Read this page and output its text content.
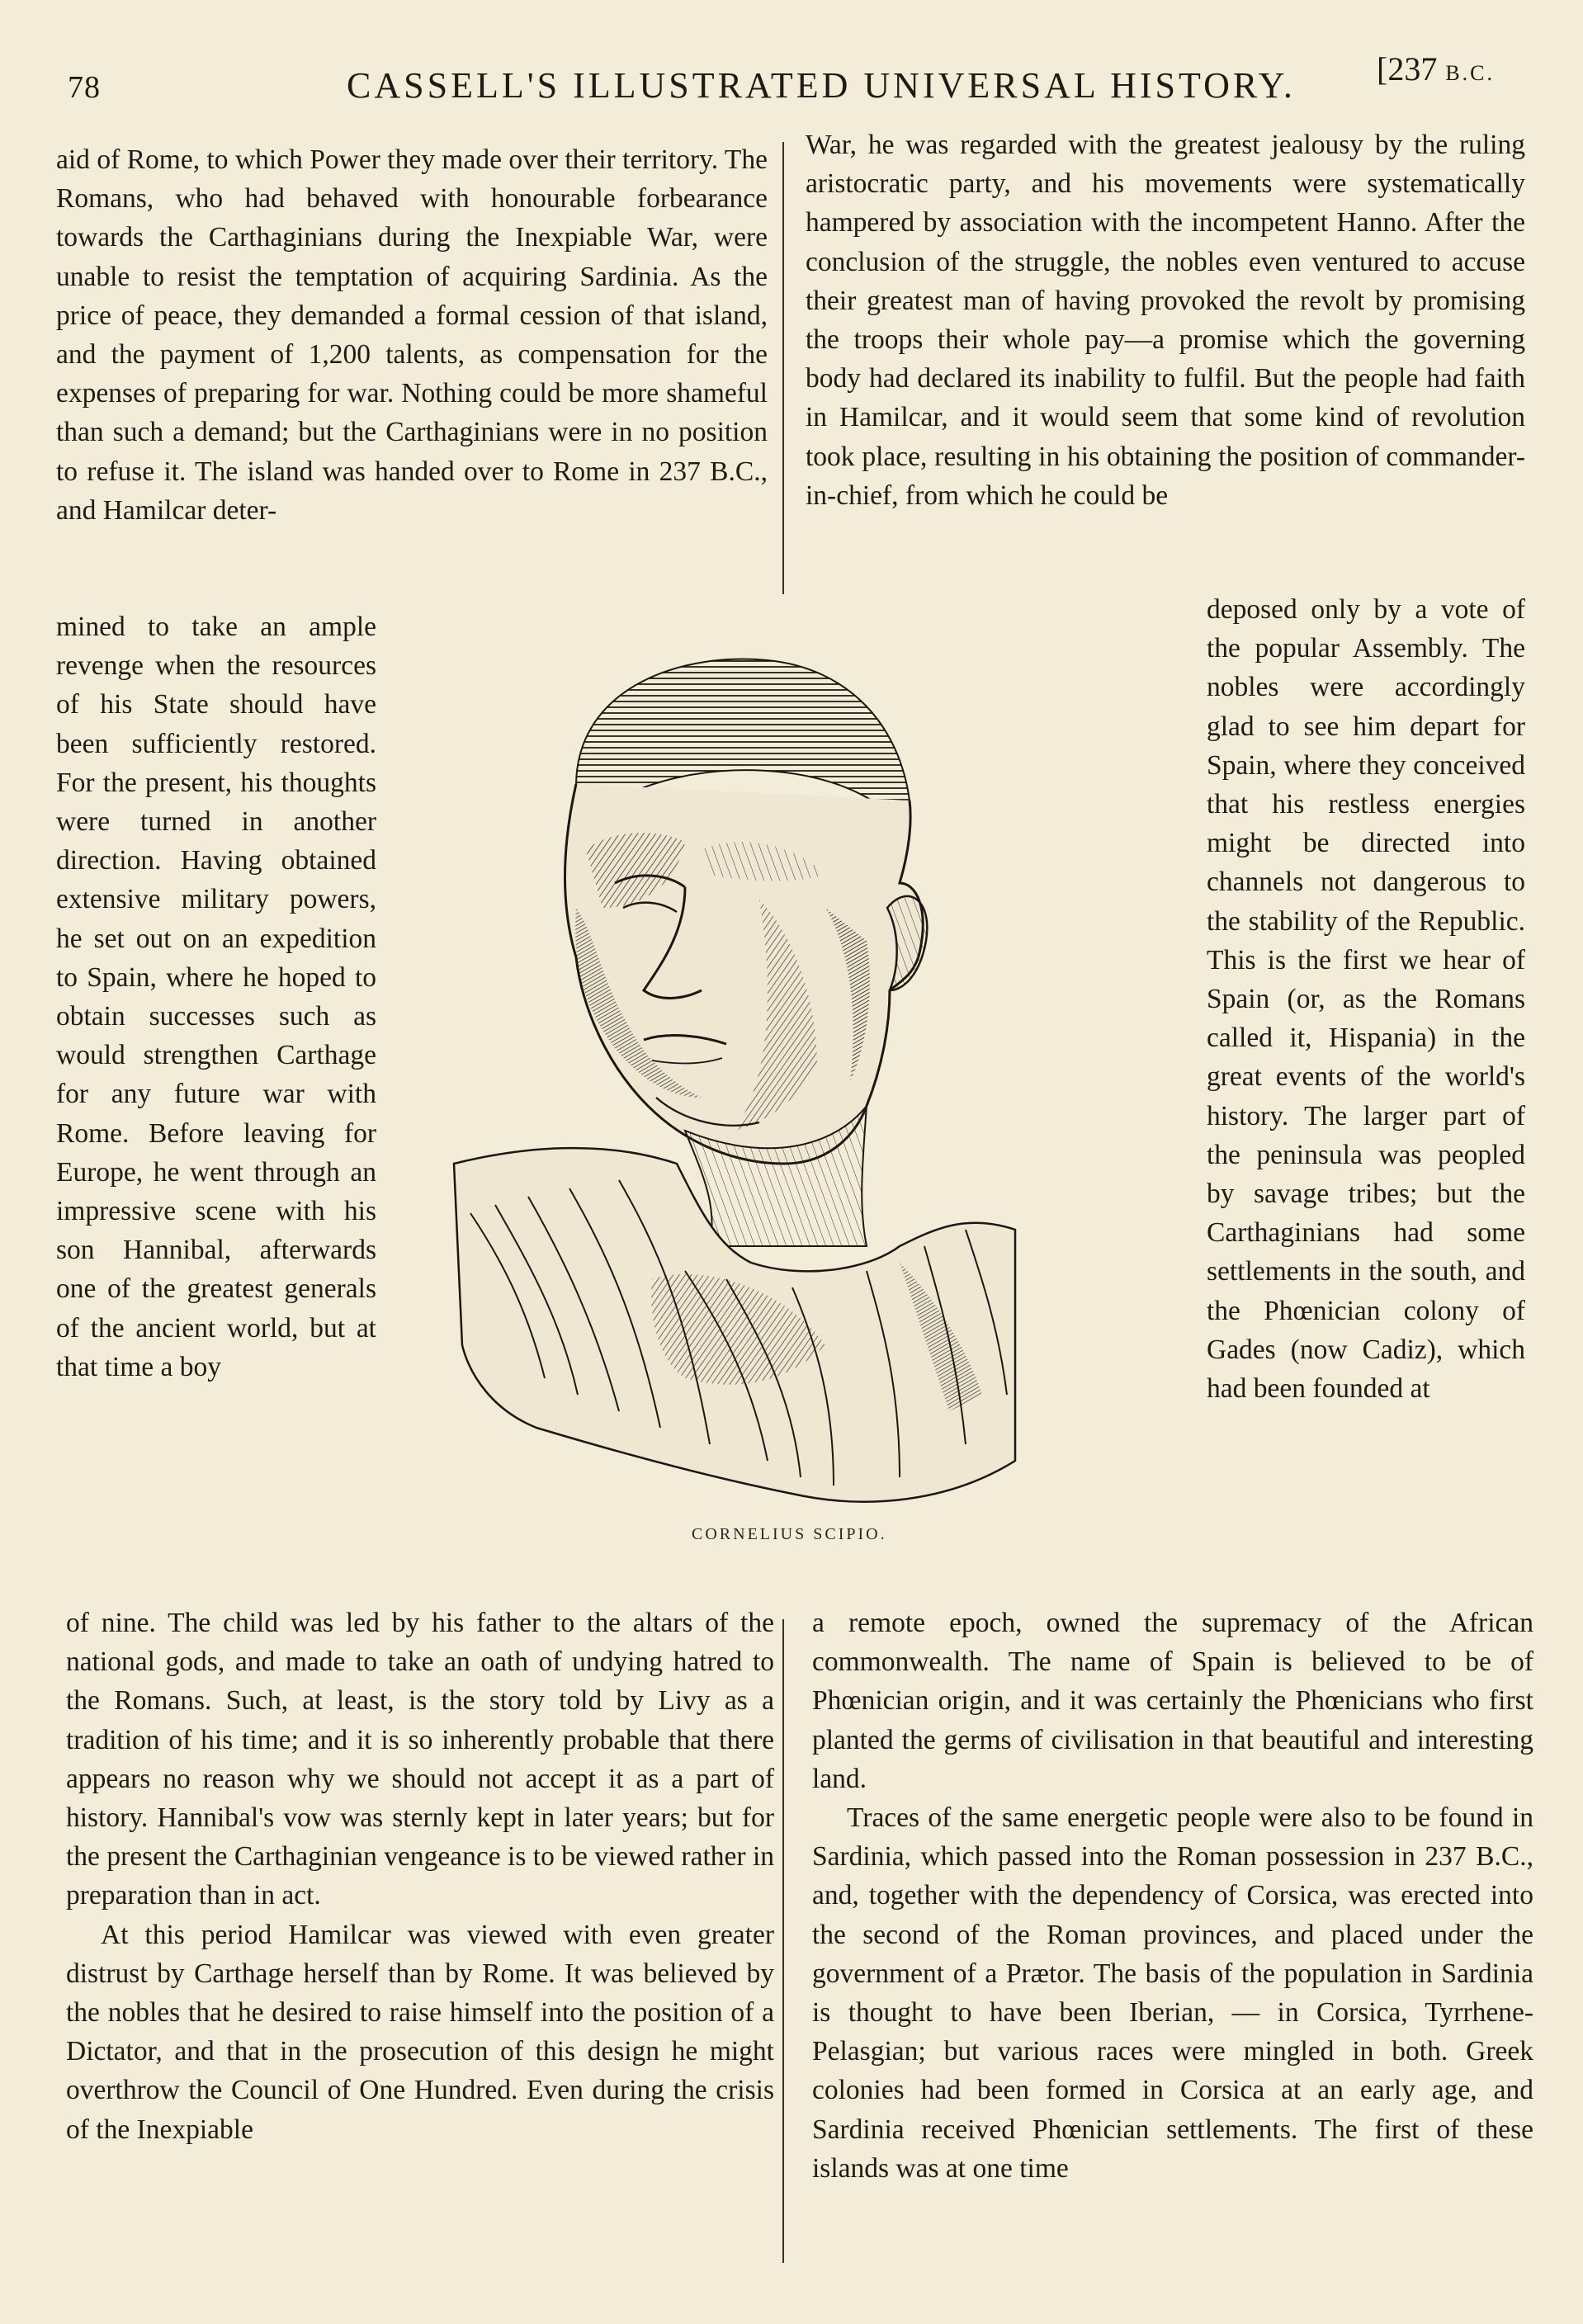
78	CASSELL'S ILLUSTRATED UNIVERSAL HISTORY. [237 B.C.

aid of Rome, to which Power they made over their territory. The Romans, who had behaved with honourable forbearance towards the Carthaginians during the Inexpiable War, were unable to resist the temptation of acquiring Sardinia. As the price of peace, they demanded a formal cession of that island, and the payment of 1,200 talents, as compensation for the expenses of preparing for war. Nothing could be more shameful than such a demand; but the Carthaginians were in no position to refuse it. The island was handed over to Rome in 237 B.C., and Hamilcar deter-

mined to take an ample revenge when the resources of his State should have been sufficiently restored. For the present, his thoughts were turned in another direction. Having obtained extensive military powers, he set out on an expedition to Spain, where he hoped to obtain successes such as would strengthen Carthage for any future war with Rome. Before leaving for Europe, he went through an impressive scene with his son Hannibal, afterwards one of the greatest generals of the ancient world, but at that time a boy

of nine. The child was led by his father to the altars of the national gods, and made to take an oath of undying hatred to the Romans. Such, at least, is the story told by Livy as a tradition of his time; and it is so inherently probable that there appears no reason why we should not accept it as a part of history. Hannibal's vow was sternly kept in later years; but for the present the Carthaginian vengeance is to be viewed rather in preparation than in act.

At this period Hamilcar was viewed with even greater distrust by Carthage herself than by Rome. It was believed by the nobles that he desired to raise himself into the position of a Dictator, and that in the prosecution of this design he might overthrow the Council of One Hundred. Even during the crisis of the Inexpiable

War, he was regarded with the greatest jealousy by the ruling aristocratic party, and his movements were systematically hampered by association with the incompetent Hanno. After the conclusion of the struggle, the nobles even ventured to accuse their greatest man of having provoked the revolt by promising the troops their whole pay—a promise which the governing body had declared its inability to fulfil. But the people had faith in Hamilcar, and it would seem that some kind of revolution took place, resulting in his obtaining the position of commander-in-chief, from which he could be

deposed only by a vote of the popular Assembly. The nobles were accordingly glad to see him depart for Spain, where they conceived that his restless energies might be directed into channels not dangerous to the stability of the Republic. This is the first we hear of Spain (or, as the Romans called it, Hispania) in the great events of the world's history. The larger part of the peninsula was peopled by savage tribes; but the Carthaginians had some settlements in the south, and the Phœnician colony of Gades (now Cadiz), which had been founded at

a remote epoch, owned the supremacy of the African commonwealth. The name of Spain is believed to be of Phœnician origin, and it was certainly the Phœnicians who first planted the germs of civilisation in that beautiful and interesting land.

Traces of the same energetic people were also to be found in Sardinia, which passed into the Roman possession in 237 B.C., and, together with the dependency of Corsica, was erected into the second of the Roman provinces, and placed under the government of a Prætor. The basis of the population in Sardinia is thought to have been Iberian, — in Corsica, Tyrrhene-Pelasgian; but various races were mingled in both. Greek colonies had been formed in Corsica at an early age, and Sardinia received Phœnician settlements. The first of these islands was at one time

CORNELIUS SCIPIO.
